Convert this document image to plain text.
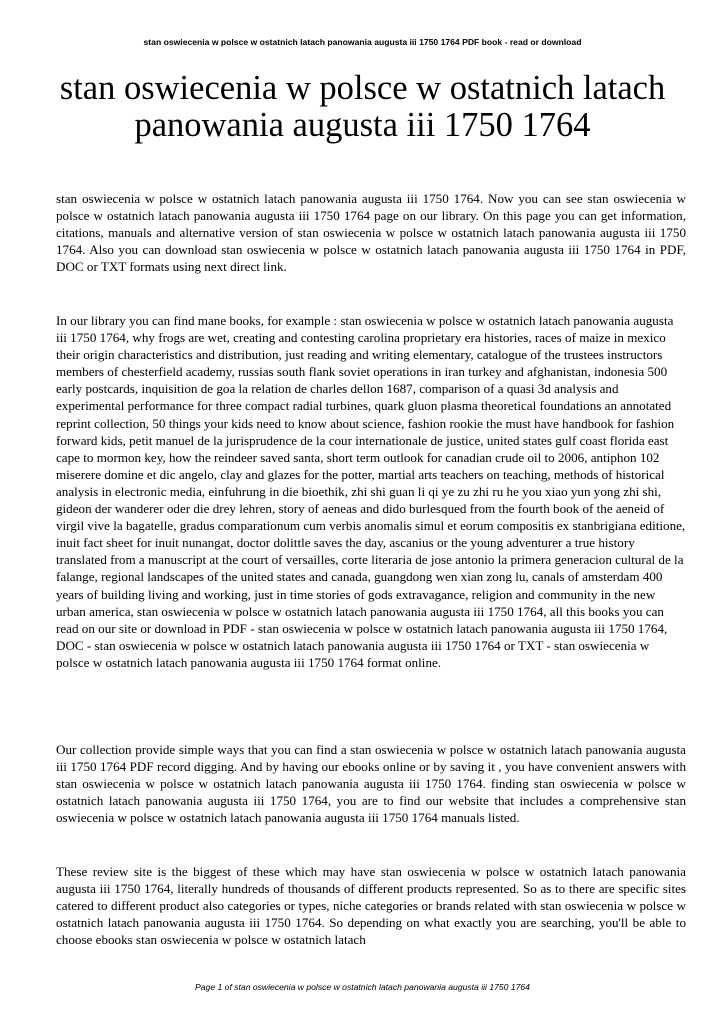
stan oswiecenia w polsce w ostatnich latach panowania augusta iii 1750 1764 PDF book - read or download
stan oswiecenia w polsce w ostatnich latach
panowania augusta iii 1750 1764

stan oswiecenia w polsce w ostatnich latach panowania augusta iii 1750 1764. Now you can see stan oswiecenia w polsce w ostatnich latach panowania augusta iii 1750 1764 page on our library. On this page you can get information, citations, manuals and alternative version of stan oswiecenia w polsce w ostatnich latach panowania augusta iii 1750 1764. Also you can download stan oswiecenia w polsce w ostatnich latach panowania augusta iii 1750 1764 in PDF, DOC or TXT formats using next direct link.

In our library you can find mane books, for example : stan oswiecenia w polsce w ostatnich latach panowania augusta iii 1750 1764, why frogs are wet, creating and contesting carolina proprietary era histories, races of maize in mexico their origin characteristics and distribution, just reading and writing elementary, catalogue of the trustees instructors members of chesterfield academy, russias south flank soviet operations in iran turkey and afghanistan, indonesia 500 early postcards, inquisition de goa la relation de charles dellon 1687, comparison of a quasi 3d analysis and experimental performance for three compact radial turbines, quark gluon plasma theoretical foundations an annotated reprint collection, 50 things your kids need to know about science, fashion rookie the must have handbook for fashion forward kids, petit manuel de la jurisprudence de la cour internationale de justice, united states gulf coast florida east cape to mormon key, how the reindeer saved santa, short term outlook for canadian crude oil to 2006, antiphon 102 miserere domine et dic angelo, clay and glazes for the potter, martial arts teachers on teaching, methods of historical analysis in electronic media, einfuhrung in die bioethik, zhi shi guan li qi ye zu zhi ru he you xiao yun yong zhi shi, gideon der wanderer oder die drey lehren, story of aeneas and dido burlesqued from the fourth book of the aeneid of virgil vive la bagatelle, gradus comparationum cum verbis anomalis simul et eorum compositis ex stanbrigiana editione, inuit fact sheet for inuit nunangat, doctor dolittle saves the day, ascanius or the young adventurer a true history translated from a manuscript at the court of versailles, corte literaria de jose antonio la primera generacion cultural de la falange, regional landscapes of the united states and canada, guangdong wen xian zong lu, canals of amsterdam 400 years of building living and working, just in time stories of gods extravagance, religion and community in the new urban america, stan oswiecenia w polsce w ostatnich latach panowania augusta iii 1750 1764, all this books you can read on our site or download in PDF - stan oswiecenia w polsce w ostatnich latach panowania augusta iii 1750 1764, DOC - stan oswiecenia w polsce w ostatnich latach panowania augusta iii 1750 1764 or TXT - stan oswiecenia w polsce w ostatnich latach panowania augusta iii 1750 1764 format online.

Our collection provide simple ways that you can find a stan oswiecenia w polsce w ostatnich latach panowania augusta iii 1750 1764 PDF record digging. And by having our ebooks online or by saving it , you have convenient answers with stan oswiecenia w polsce w ostatnich latach panowania augusta iii 1750 1764. finding stan oswiecenia w polsce w ostatnich latach panowania augusta iii 1750 1764, you are to find our website that includes a comprehensive stan oswiecenia w polsce w ostatnich latach panowania augusta iii 1750 1764 manuals listed.

These review site is the biggest of these which may have stan oswiecenia w polsce w ostatnich latach panowania augusta iii 1750 1764, literally hundreds of thousands of different products represented. So as to there are specific sites catered to different product also categories or types, niche categories or brands related with stan oswiecenia w polsce w ostatnich latach panowania augusta iii 1750 1764. So depending on what exactly you are searching, you'll be able to choose ebooks stan oswiecenia w polsce w ostatnich latach

Page 1 of stan oswiecenia w polsce w ostatnich latach panowania augusta iii 1750 1764
